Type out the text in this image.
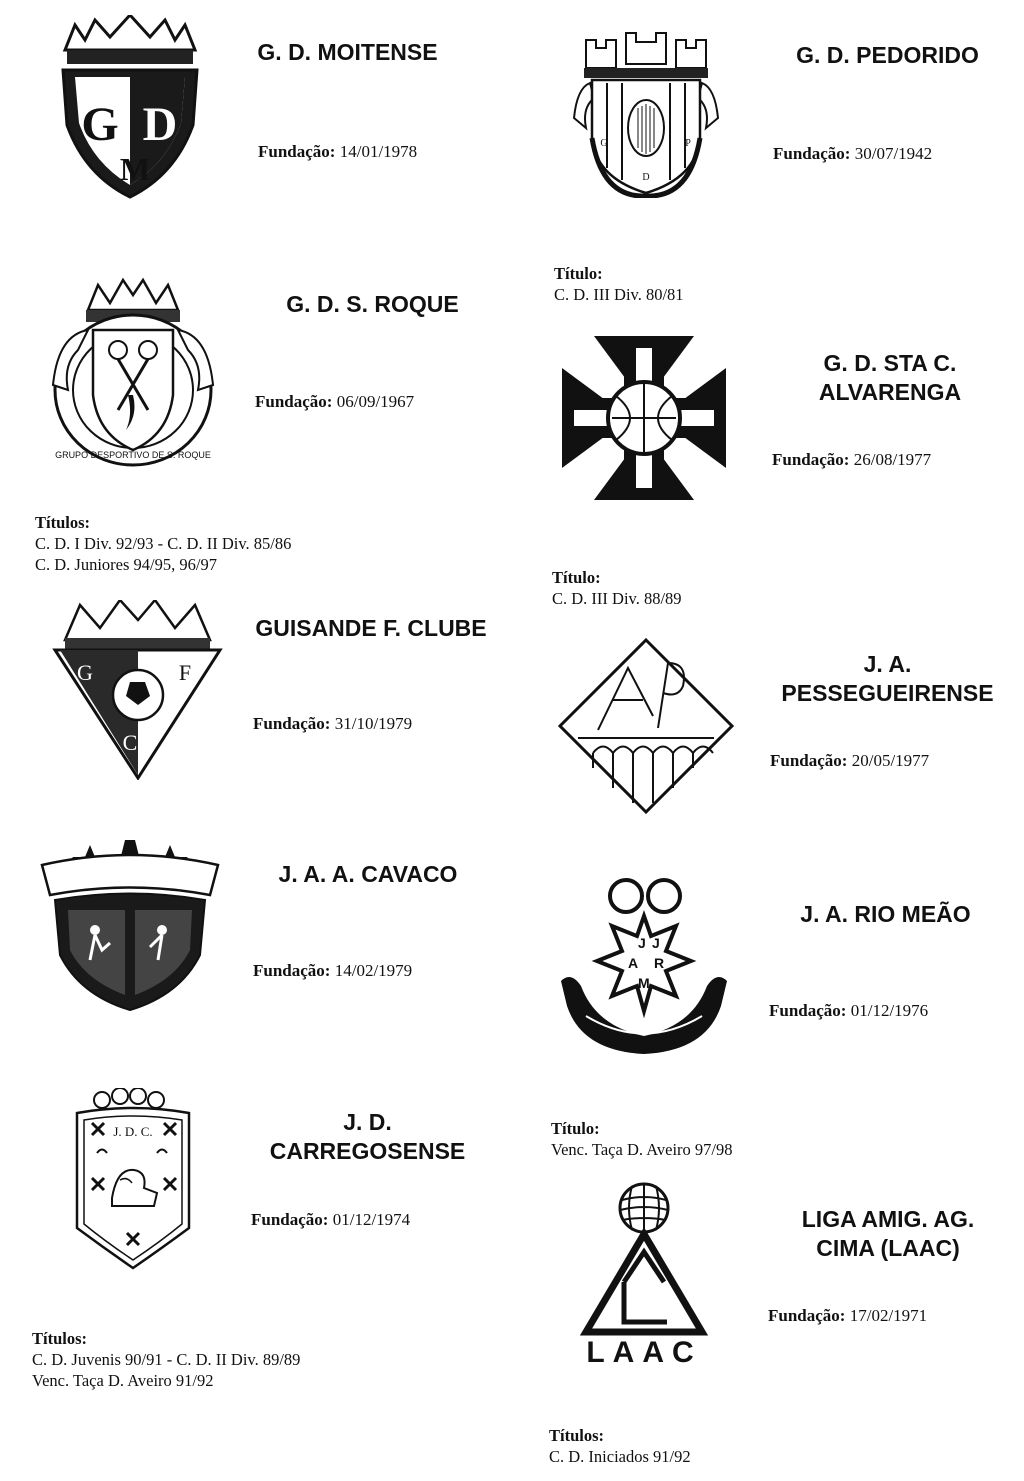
G D
M
G. D. MOITENSE
Fundação: 14/01/1978
GRUPO DESPORTIVO DE S. ROQUE
G. D. S. ROQUE
Fundação: 06/09/1967
Títulos:
C. D. I Div. 92/93 - C. D. II Div. 85/86
C. D. Juniores 94/95, 96/97
G	F
C
GUISANDE F. CLUBE
Fundação: 31/10/1979
J. A. A. CAVACO
Fundação: 14/02/1979
J. D. C.	J. D.
CARREGOSENSE
Fundação: 01/12/1974
Títulos:
C. D. Juvenis 90/91 - C. D. II Div. 89/89
Venc. Taça D. Aveiro 91/92
G	P
D
G. D. PEDORIDO
Fundação: 30/07/1942
Título:
C. D. III Div. 80/81
G. D. STA C.
ALVARENGA
Fundação: 26/08/1977
Título:
C. D. III Div. 88/89
JAP
J. A.
PESSEGUEIRENSE
Fundação: 20/05/1977
J J
A R
M
J. A. RIO MEÃO
Fundação: 01/12/1976
Título:
Venc. Taça D. Aveiro 97/98
LAAC
LIGA AMIG. AG.
CIMA (LAAC)
Fundação: 17/02/1971
Títulos:
C. D. Iniciados 91/92
